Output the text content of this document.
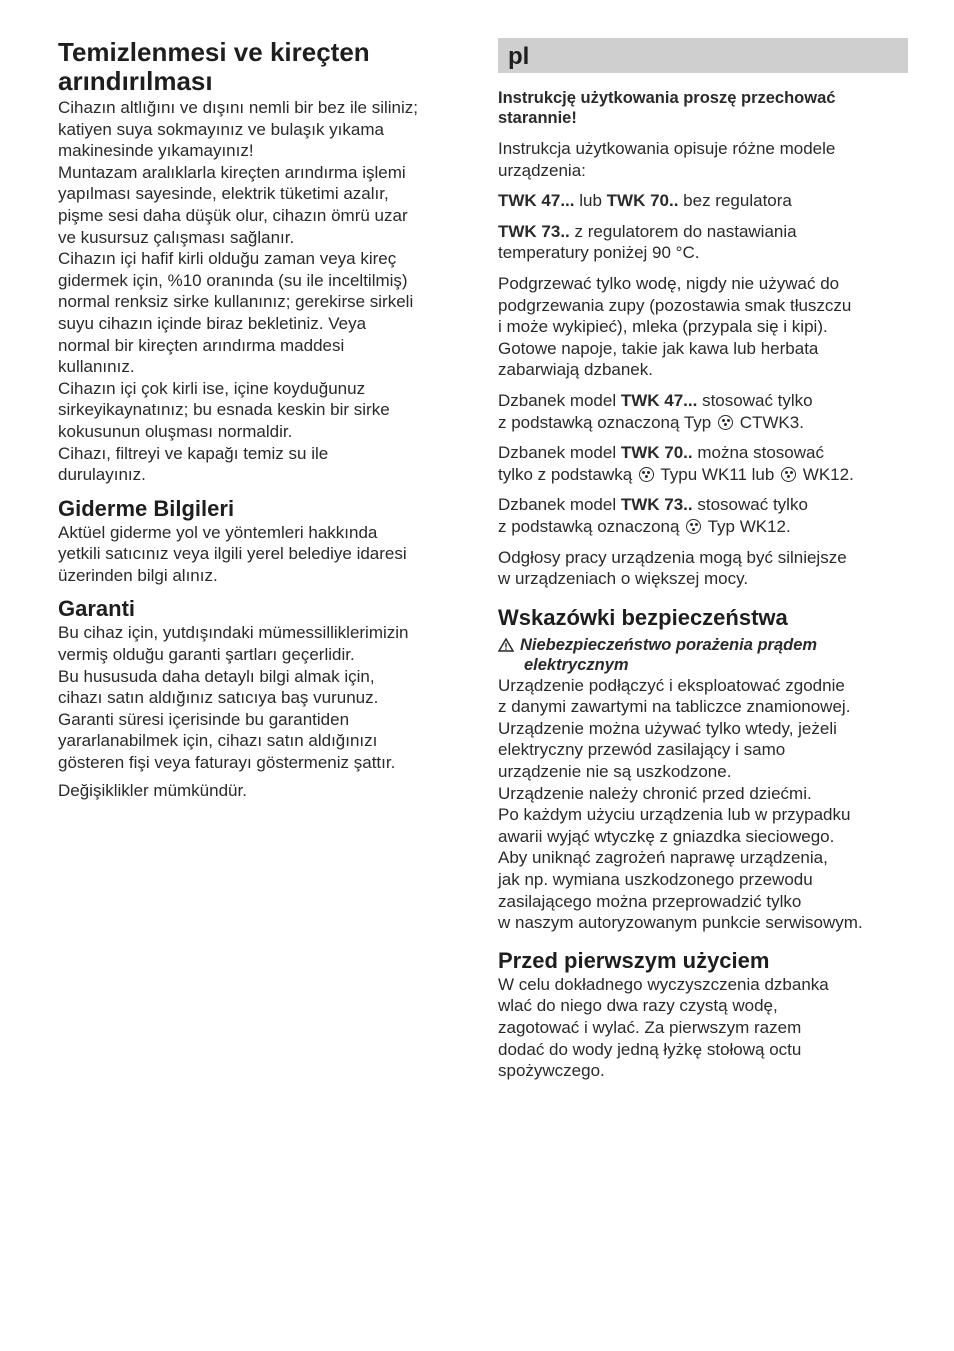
Temizlenmesi ve kireçten
arındırılması
Cihazın altlığını ve dışını nemli bir bez ile siliniz;
katiyen suya sokmayınız ve bulaşık yıkama
makinesinde yıkamayınız!
Muntazam aralıklarla kireçten arındırma işlemi
yapılması sayesinde, elektrik tüketimi azalır,
pişme sesi daha düşük olur, cihazın ömrü uzar
ve kusursuz çalışması sağlanır.
Cihazın içi hafif kirli olduğu zaman veya kireç
gidermek için, %10 oranında (su ile inceltilmiş)
normal renksiz sirke kullanınız; gerekirse sirkeli
suyu cihazın içinde biraz bekletiniz. Veya
normal bir kireçten arındırma maddesi
kullanınız.
Cihazın içi çok kirli ise, içine koyduğunuz
sirkeyikaynatınız; bu esnada keskin bir sirke
kokusunun oluşması normaldir.
Cihazı, filtreyi ve kapağı temiz su ile
durulayınız.
Giderme Bilgileri
Aktüel giderme yol ve yöntemleri hakkında
yetkili satıcınız veya ilgili yerel belediye idaresi
üzerinden bilgi alınız.
Garanti
Bu cihaz için, yutdışındaki mümessilliklerimizin
vermiş olduğu garanti şartları geçerlidir.
Bu hususuda daha detaylı bilgi almak için,
cihazı satın aldığınız satıcıya baş vurunuz.
Garanti süresi içerisinde bu garantiden
yararlanabilmek için, cihazı satın aldığınızı
gösteren fişi veya faturayı göstermeniz şattır.
Değişiklikler mümkündür.
pl
Instrukcję użytkowania proszę przechować
starannie!
Instrukcja użytkowania opisuje różne modele
urządzenia:
TWK 47... lub TWK 70.. bez regulatora
TWK 73.. z regulatorem do nastawiania
temperatury poniżej 90 °C.
Podgrzewać tylko wodę, nigdy nie używać do
podgrzewania zupy (pozostawia smak tłuszczu
i może wykipieć), mleka (przypala się i kipi).
Gotowe napoje, takie jak kawa lub herbata
zabarwiają dzbanek.
Dzbanek model TWK 47... stosować tylko
z podstawką oznaczoną Typ
CTWK3.
Dzbanek model TWK 70.. można stosować
tylko z podstawką
Typu WK11 lub
WK12.
Dzbanek model TWK 73.. stosować tylko
z podstawką oznaczoną
Typ WK12.
Odgłosy pracy urządzenia mogą być silniejsze
w urządzeniach o większej mocy.
Wskazówki bezpieczeństwa
Niebezpieczeństwo porażenia prądem
elektrycznym
Urządzenie podłączyć i eksploatować zgodnie
z danymi zawartymi na tabliczce znamionowej.
Urządzenie można używać tylko wtedy, jeżeli
elektryczny przewód zasilający i samo
urządzenie nie są uszkodzone.
Urządzenie należy chronić przed dziećmi.
Po każdym użyciu urządzenia lub w przypadku
awarii wyjąć wtyczkę z gniazdka sieciowego.
Aby uniknąć zagrożeń naprawę urządzenia,
jak np. wymiana uszkodzonego przewodu
zasilającego można przeprowadzić tylko
w naszym autoryzowanym punkcie serwisowym.
Przed pierwszym użyciem
W celu dokładnego wyczyszczenia dzbanka
wlać do niego dwa razy czystą wodę,
zagotować i wylać. Za pierwszym razem
dodać do wody jedną łyżkę stołową octu
spożywczego.
